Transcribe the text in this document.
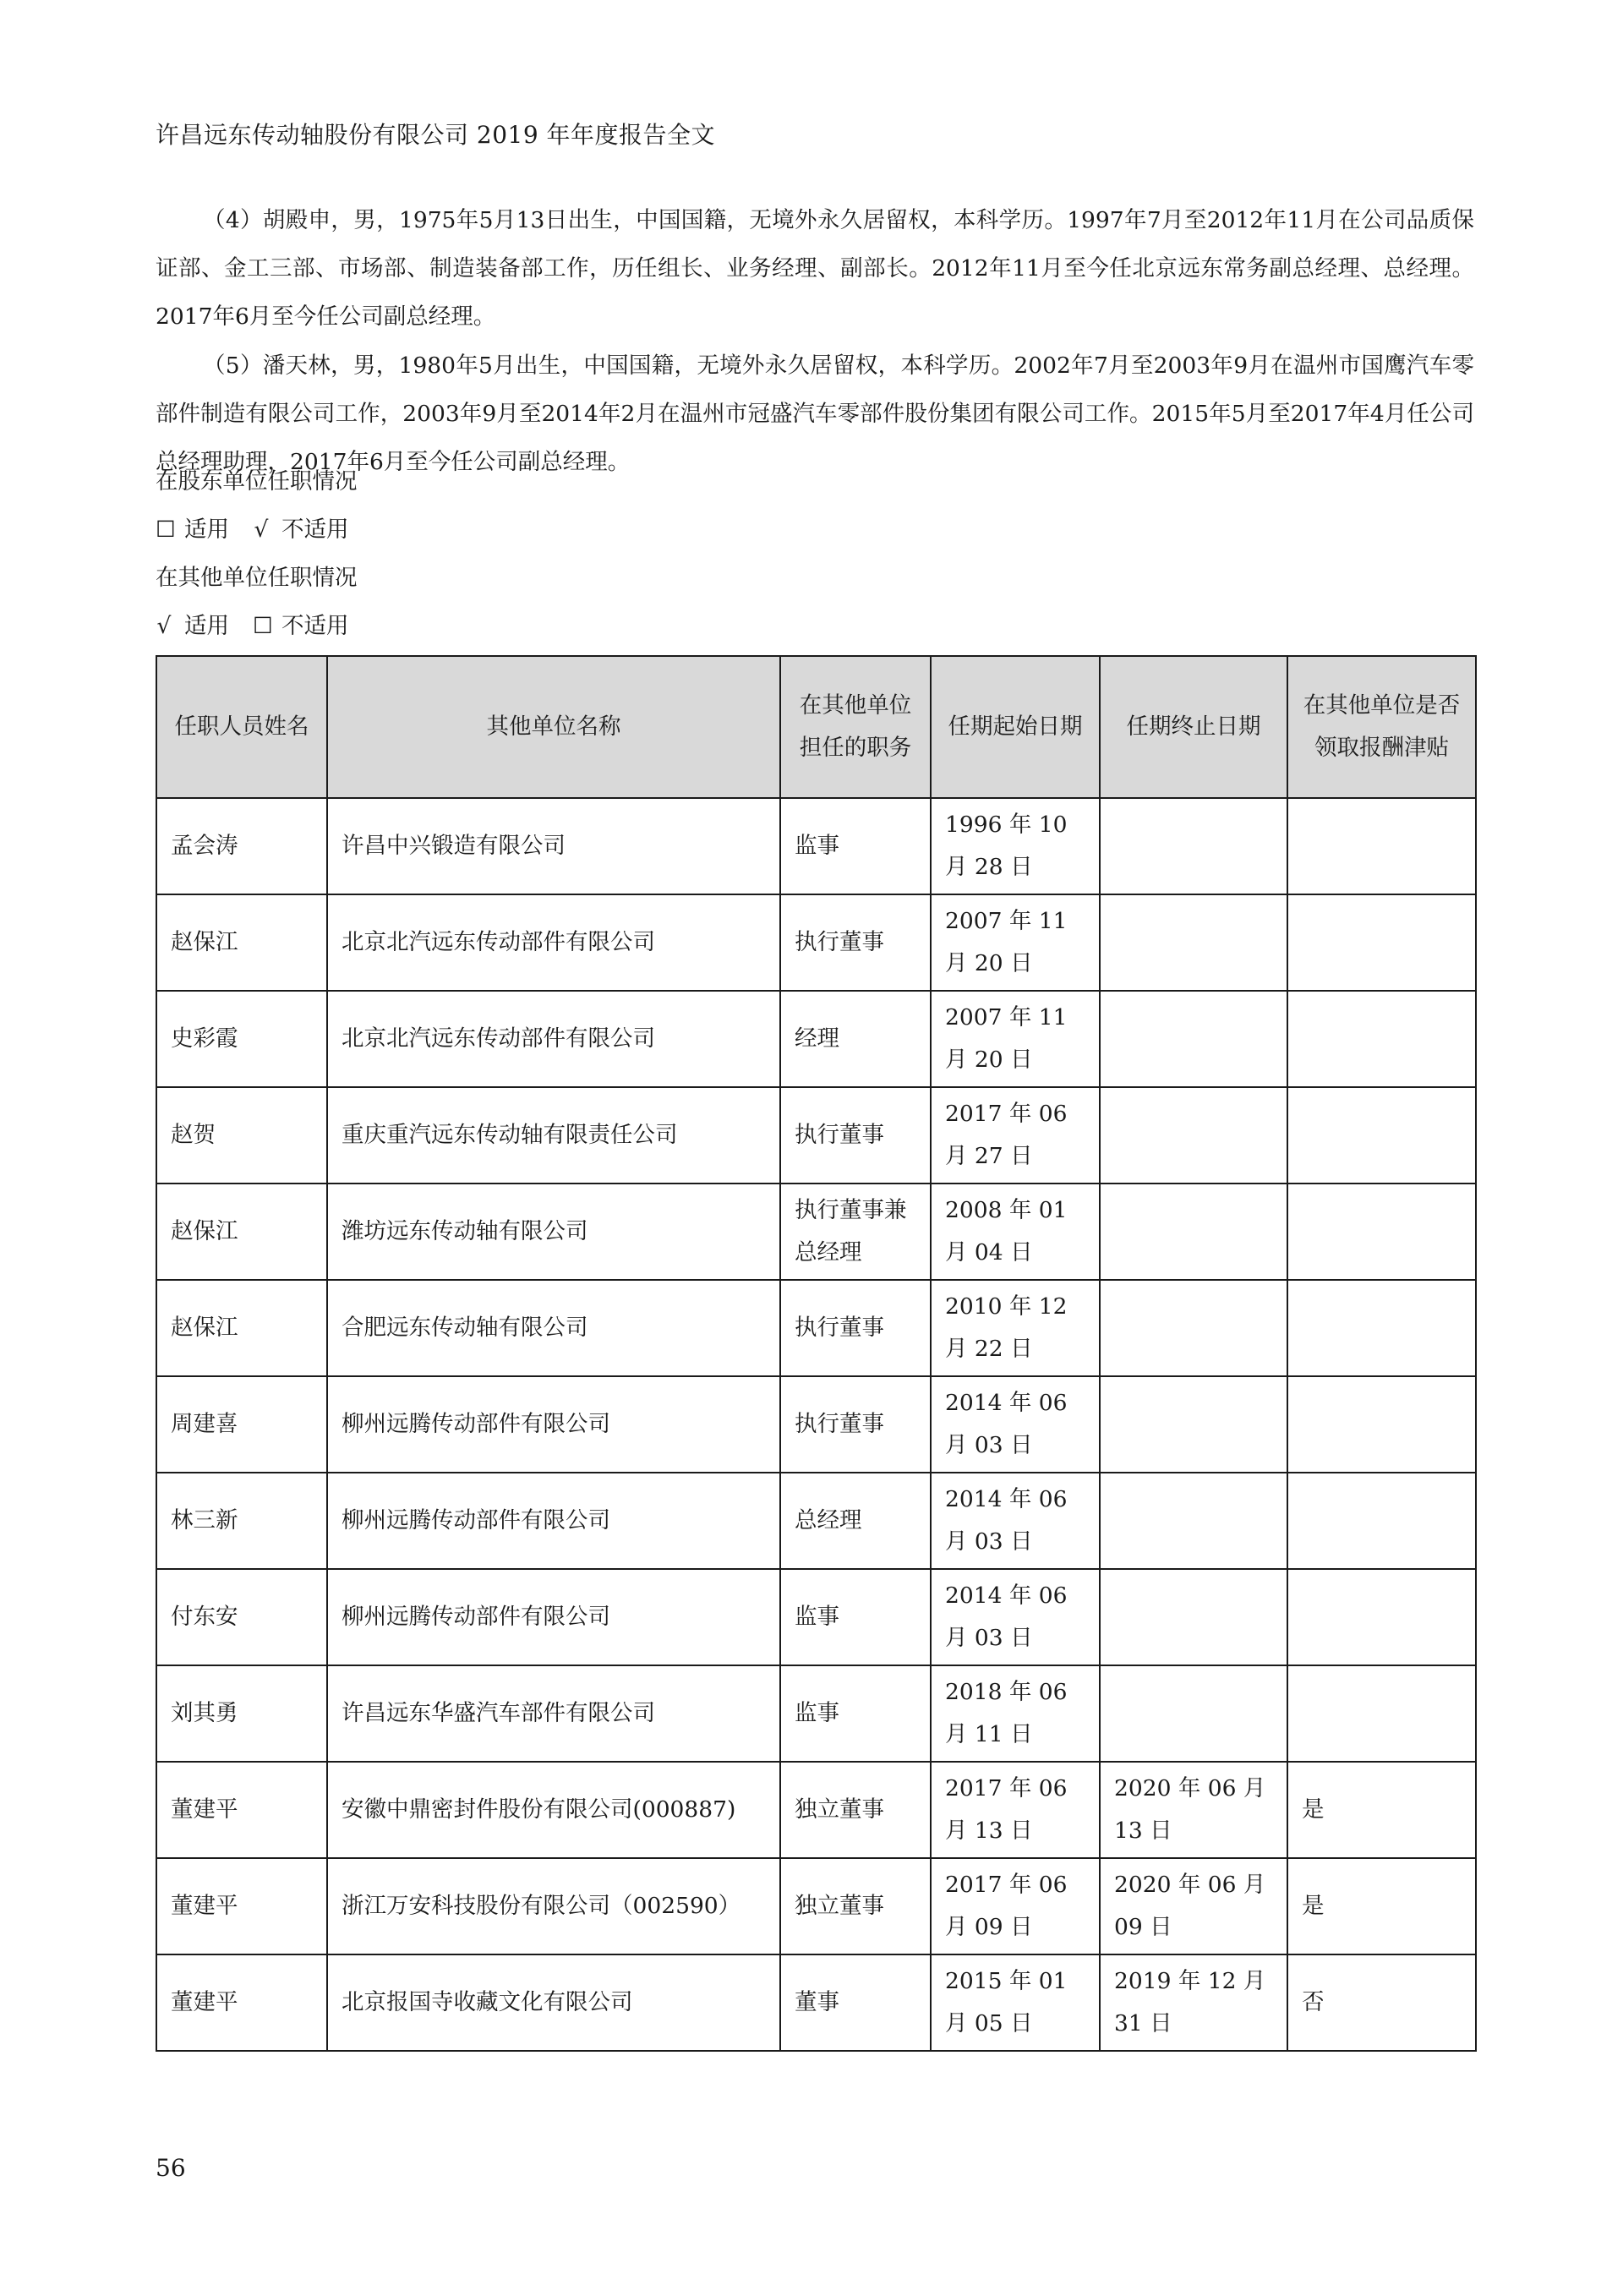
许昌远东传动轴股份有限公司 2019 年年度报告全文
（4）胡殿申，男，1975年5月13日出生，中国国籍，无境外永久居留权，本科学历。1997年7月至2012年11月在公司品质保证部、金工三部、市场部、制造装备部工作，历任组长、业务经理、副部长。2012年11月至今任北京远东常务副总经理、总经理。2017年6月至今任公司副总经理。
（5）潘天林，男，1980年5月出生，中国国籍，无境外永久居留权，本科学历。2002年7月至2003年9月在温州市国鹰汽车零部件制造有限公司工作，2003年9月至2014年2月在温州市冠盛汽车零部件股份集团有限公司工作。2015年5月至2017年4月任公司总经理助理，2017年6月至今任公司副总经理。
在股东单位任职情况
☐ 适用 √ 不适用
在其他单位任职情况
√ 适用 ☐ 不适用
任职人员姓名	其他单位名称	在其他单位担任的职务	任期起始日期	任期终止日期	在其他单位是否领取报酬津贴
孟会涛	许昌中兴锻造有限公司	监事	1996 年 10 月 28 日		
赵保江	北京北汽远东传动部件有限公司	执行董事	2007 年 11 月 20 日		
史彩霞	北京北汽远东传动部件有限公司	经理	2007 年 11 月 20 日		
赵贺	重庆重汽远东传动轴有限责任公司	执行董事	2017 年 06 月 27 日		
赵保江	潍坊远东传动轴有限公司	执行董事兼总经理	2008 年 01 月 04 日		
赵保江	合肥远东传动轴有限公司	执行董事	2010 年 12 月 22 日		
周建喜	柳州远腾传动部件有限公司	执行董事	2014 年 06 月 03 日		
林三新	柳州远腾传动部件有限公司	总经理	2014 年 06 月 03 日		
付东安	柳州远腾传动部件有限公司	监事	2014 年 06 月 03 日		
刘其勇	许昌远东华盛汽车部件有限公司	监事	2018 年 06 月 11 日		
董建平	安徽中鼎密封件股份有限公司(000887)	独立董事	2017 年 06 月 13 日	2020 年 06 月 13 日	是
董建平	浙江万安科技股份有限公司（002590）	独立董事	2017 年 06 月 09 日	2020 年 06 月 09 日	是
董建平	北京报国寺收藏文化有限公司	董事	2015 年 01 月 05 日	2019 年 12 月 31 日	否
56
